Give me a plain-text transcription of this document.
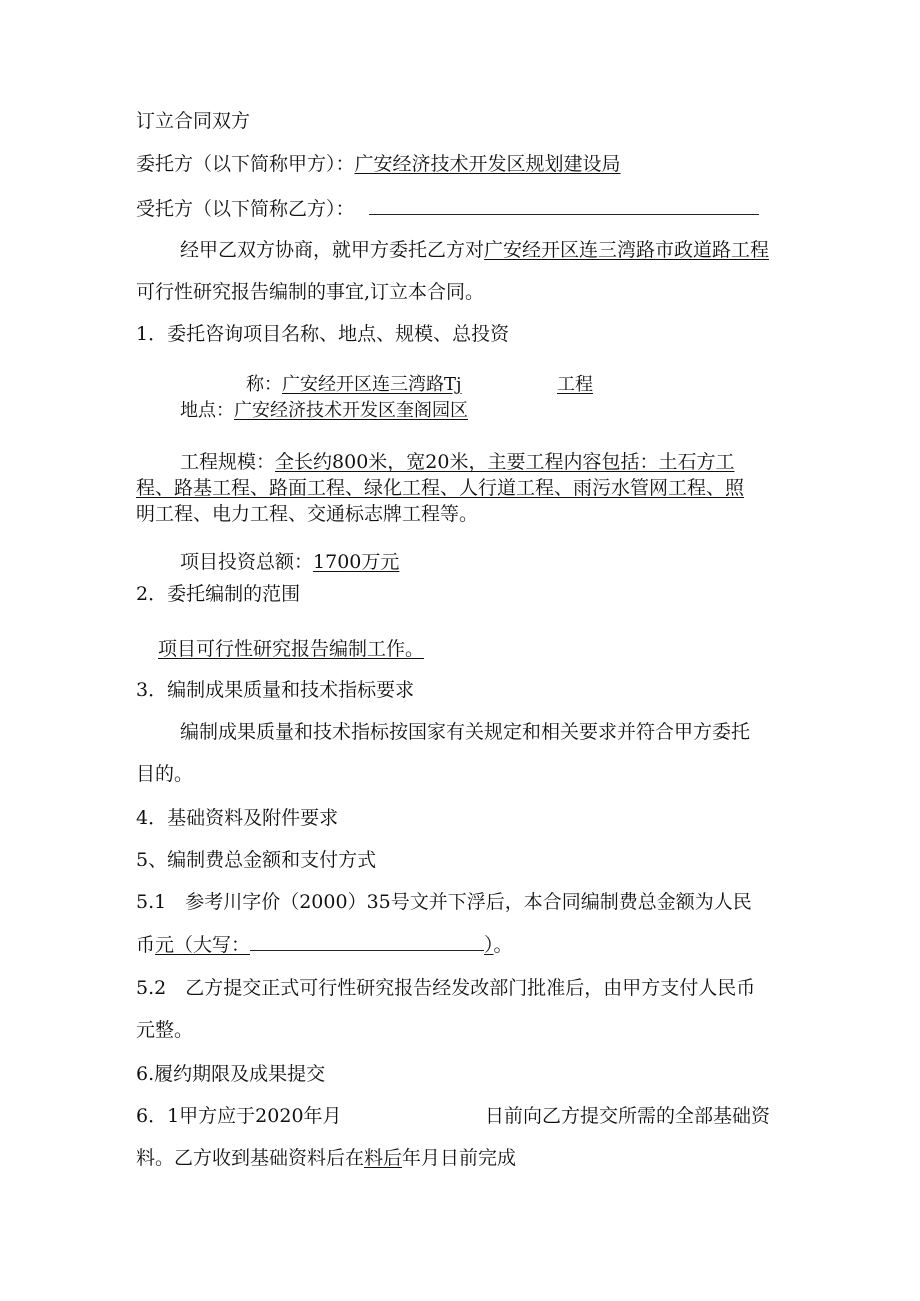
订立合同双方
委托方（以下简称甲方）：广安经济技术开发区规划建设局
受托方（以下简称乙方）：
经甲乙双方协商，就甲方委托乙方对广安经开区连三湾路市政道路工程
可行性研究报告编制的事宜,订立本合同。
1．委托咨询项目名称、地点、规模、总投资
称：广安经开区连三湾路Tj	工程
地点：广安经济技术开发区奎阁园区
工程规模：全长约800米，宽20米，主要工程内容包括：土石方工
程、路基工程、路面工程、绿化工程、人行道工程、雨污水管网工程、照
明工程、电力工程、交通标志牌工程等。
项目投资总额：1700万元
2．委托编制的范围
项目可行性研究报告编制工作。
3．编制成果质量和技术指标要求
编制成果质量和技术指标按国家有关规定和相关要求并符合甲方委托
目的。
4．基础资料及附件要求
5、编制费总金额和支付方式
5.1　参考川字价（2000）35号文并下浮后，本合同编制费总金额为人民
币元（大写：	）。
5.2　乙方提交正式可行性研究报告经发改部门批准后，由甲方支付人民币
元整。
6.履约期限及成果提交
6．1甲方应于2020年月	日前向乙方提交所需的全部基础资
料。乙方收到基础资料后在料后年月日前完成
